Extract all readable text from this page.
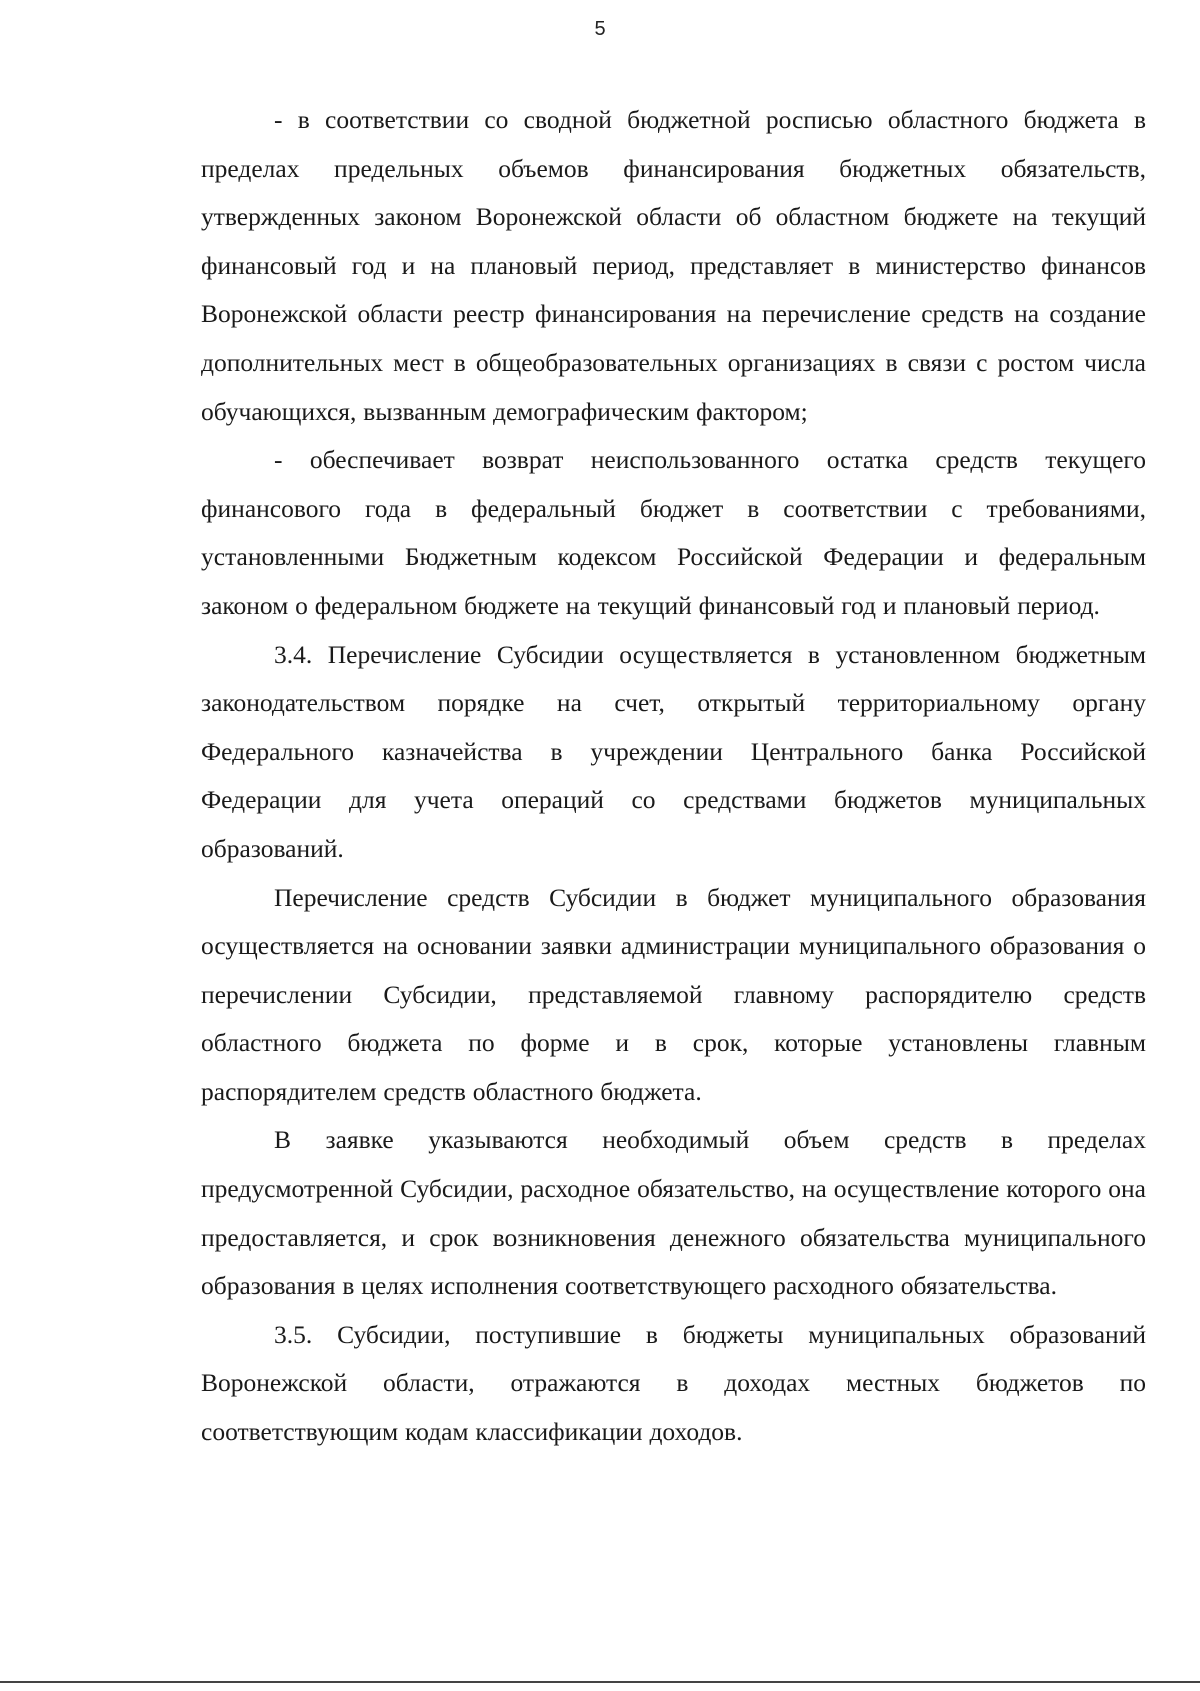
5

- в соответствии со сводной бюджетной росписью областного бюджета в пределах предельных объемов финансирования бюджетных обязательств, утвержденных законом Воронежской области об областном бюджете на текущий финансовый год и на плановый период, представляет в министерство финансов Воронежской области реестр финансирования на перечисление средств на создание дополнительных мест в общеобразовательных организациях в связи с ростом числа обучающихся, вызванным демографическим фактором;

- обеспечивает возврат неиспользованного остатка средств текущего финансового года в федеральный бюджет в соответствии с требованиями, установленными Бюджетным кодексом Российской Федерации и федеральным законом о федеральном бюджете на текущий финансовый год и плановый период.

3.4. Перечисление Субсидии осуществляется в установленном бюджетным законодательством порядке на счет, открытый территориальному органу Федерального казначейства в учреждении Центрального банка Российской Федерации для учета операций со средствами бюджетов муниципальных образований.

Перечисление средств Субсидии в бюджет муниципального образования осуществляется на основании заявки администрации муниципального образования о перечислении Субсидии, представляемой главному распорядителю средств областного бюджета по форме и в срок, которые установлены главным распорядителем средств областного бюджета.

В заявке указываются необходимый объем средств в пределах предусмотренной Субсидии, расходное обязательство, на осуществление которого она предоставляется, и срок возникновения денежного обязательства муниципального образования в целях исполнения соответствующего расходного обязательства.

3.5. Субсидии, поступившие в бюджеты муниципальных образований Воронежской области, отражаются в доходах местных бюджетов по соответствующим кодам классификации доходов.
